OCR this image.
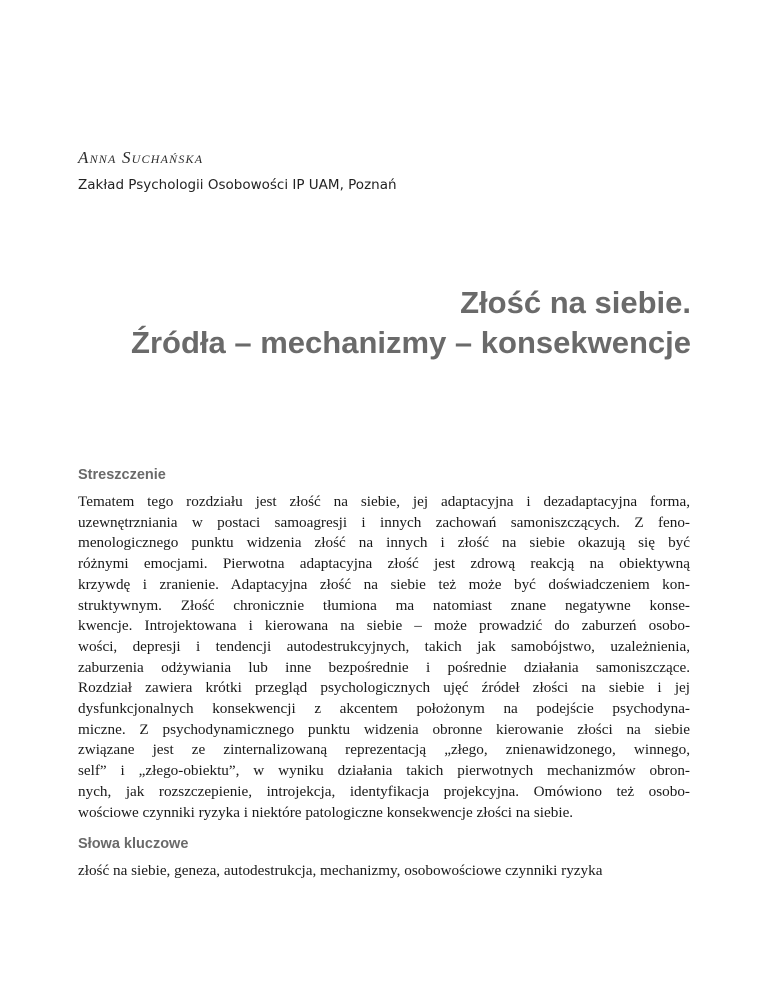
Anna Suchańska
Zakład Psychologii Osobowości IP UAM, Poznań
Złość na siebie.
Źródła – mechanizmy – konsekwencje
Streszczenie
Tematem tego rozdziału jest złość na siebie, jej adaptacyjna i dezadaptacyjna forma,
uzewnętrzniania w postaci samoagresji i innych zachowań samoniszczących. Z feno-
menologicznego punktu widzenia złość na innych i złość na siebie okazują się być
różnymi emocjami. Pierwotna adaptacyjna złość jest zdrową reakcją na obiektywną
krzywdę i zranienie. Adaptacyjna złość na siebie też może być doświadczeniem kon-
struktywnym. Złość chronicznie tłumiona ma natomiast znane negatywne konse-
kwencje. Introjektowana i kierowana na siebie – może prowadzić do zaburzeń osobo-
wości, depresji i tendencji autodestrukcyjnych, takich jak samobójstwo, uzależnienia,
zaburzenia odżywiania lub inne bezpośrednie i pośrednie działania samoniszczące.
Rozdział zawiera krótki przegląd psychologicznych ujęć źródeł złości na siebie i jej
dysfunkcjonalnych konsekwencji z akcentem położonym na podejście psychodyna-
miczne. Z psychodynamicznego punktu widzenia obronne kierowanie złości na siebie
związane jest ze zinternalizowaną reprezentacją „złego, znienawidzonego, winnego,
self” i „złego-obiektu”, w wyniku działania takich pierwotnych mechanizmów obron-
nych, jak rozszczepienie, introjekcja, identyfikacja projekcyjna. Omówiono też osobo-
wościowe czynniki ryzyka i niektóre patologiczne konsekwencje złości na siebie.
Słowa kluczowe
złość na siebie, geneza, autodestrukcja, mechanizmy, osobowościowe czynniki ryzyka
